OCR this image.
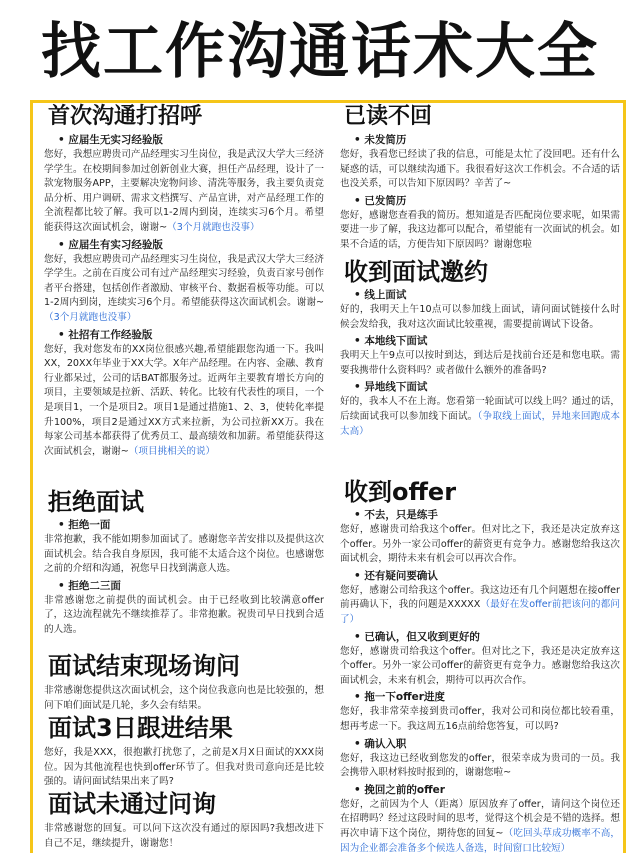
找工作沟通话术大全
首次沟通打招呼
• 应届生无实习经验版

您好，我想应聘贵司产品经理实习生岗位，我是武汉大学大三经济学学生。在校期间参加过创新创业大赛，担任产品经理，设计了一款宠物服务APP，主要解决宠物问诊、清洗等服务，我主要负责竞品分析、用户调研、需求文档撰写、产品宣讲，对产品经理工作的全流程都比较了解。我可以1-2周内到岗，连续实习6个月。希望能获得这次面试机会，谢谢~（3个月就跑也没事）

• 应届生有实习经验版

您好，我想应聘贵司产品经理实习生岗位，我是武汉大学大三经济学学生。之前在百度公司有过产品经理实习经验，负责百家号创作者平台搭建，包括创作者激励、审核平台、数据看板等功能。可以1-2周内到岗，连续实习6个月。希望能获得这次面试机会。谢谢~（3个月就跑也没事）

• 社招有工作经验版

您好，我对您发布的XX岗位很感兴趣,希望能跟您沟通一下。我叫XX，20XX年毕业于XX大学。X年产品经理。在内容、金融、教育行业都呆过，公司的话BAT都服务过。近两年主要教育增长方向的项目，主要领域是拉新、活跃、转化。比较有代表性的项目，一个是项目1，一个是项目2。项目1是通过措施1、2、3，使转化率提升100%，项目2是通过XX方式来拉新，为公司拉新XX万。我在每家公司基本都获得了优秀员工、最高绩效和加薪。希望能获得这次面试机会，谢谢~（项目挑相关的说）

拒绝面试
• 拒绝一面

非常抱歉，我不能如期参加面试了。感谢您辛苦安排以及提供这次面试机会。结合我自身原因，我可能不太适合这个岗位。也感谢您之前的介绍和沟通，祝您早日找到满意人选。

• 拒绝二三面

非常感谢您之前提供的面试机会。由于已经收到比较满意offer了，这边流程就先不继续推荐了。非常抱歉。祝贵司早日找到合适的人选。

面试结束现场询问

非常感谢您提供这次面试机会，这个岗位我意向也是比较强的，想问下咱们面试是几轮，多久会有结果。

面试3日跟进结果

您好，我是XXX，很抱歉打扰您了，之前是X月X日面试的XXX岗位。因为其他流程也快到offer环节了。但我对贵司意向还是比较强的。请问面试结果出来了吗?

面试未通过问询

非常感谢您的回复。可以问下这次没有通过的原因吗?我想改进下自己不足，继续提升，谢谢您！

已读不回
• 未发简历

您好，我看您已经读了我的信息，可能是太忙了没回吧。还有什么疑惑的话，可以继续沟通下。我很看好这次工作机会。不合适的话也没关系，可以告知下原因吗？辛苦了~

• 已发简历

您好，感谢您查看我的简历。想知道是否匹配岗位要求呢，如果需要进一步了解，我这边都可以配合，希望能有一次面试的机会。如果不合适的话，方便告知下原因吗？谢谢您啦

收到面试邀约
• 线上面试

好的，我明天上午10点可以参加线上面试，请问面试链接什么时候会发给我，我对这次面试比较重视，需要提前调试下设备。

• 本地线下面试

我明天上午9点可以按时到达，到达后是找前台还是和您电联。需要我携带什么资料吗？或者做什么额外的准备吗?

• 异地线下面试

好的，我本人不在上海。您看第一轮面试可以线上吗？通过的话，后续面试我可以参加线下面试。（争取线上面试，异地来回跑成本太高）

收到offer
• 不去，只是练手

您好，感谢贵司给我这个offer。但对比之下，我还是决定放弃这个offer。另外一家公司offer的薪资更有竞争力。感谢您给我这次面试机会，期待未来有机会可以再次合作。

• 还有疑问要确认

您好，感谢公司给我这个offer。我这边还有几个问题想在接offer前再确认下，我的问题是XXXXX（最好在发offer前把该问的都问了）

• 已确认，但又收到更好的

您好，感谢贵司给我这个offer。但对比之下，我还是决定放弃这个offer。另外一家公司offer的薪资更有竞争力。感谢您给我这次面试机会，未来有机会，期待可以再次合作。

• 拖一下offer进度

您好，我非常荣幸接到贵司offer，我对公司和岗位都比较看重，想再考虑一下。我这周五16点前给您答复，可以吗?

• 确认入职

您好，我这边已经收到您发的offer，很荣幸成为贵司的一员。我会携带入职材料按时报到的，谢谢您啦~

• 挽回之前的offer

您好，之前因为个人（距离）原因放弃了offer，请问这个岗位还在招聘吗？经过这段时间的思考，觉得这个机会是不错的选择。想再次申请下这个岗位，期待您的回复~（吃回头草成功概率不高，因为企业都会准备多个候选人备选，时间窗口比较短）
